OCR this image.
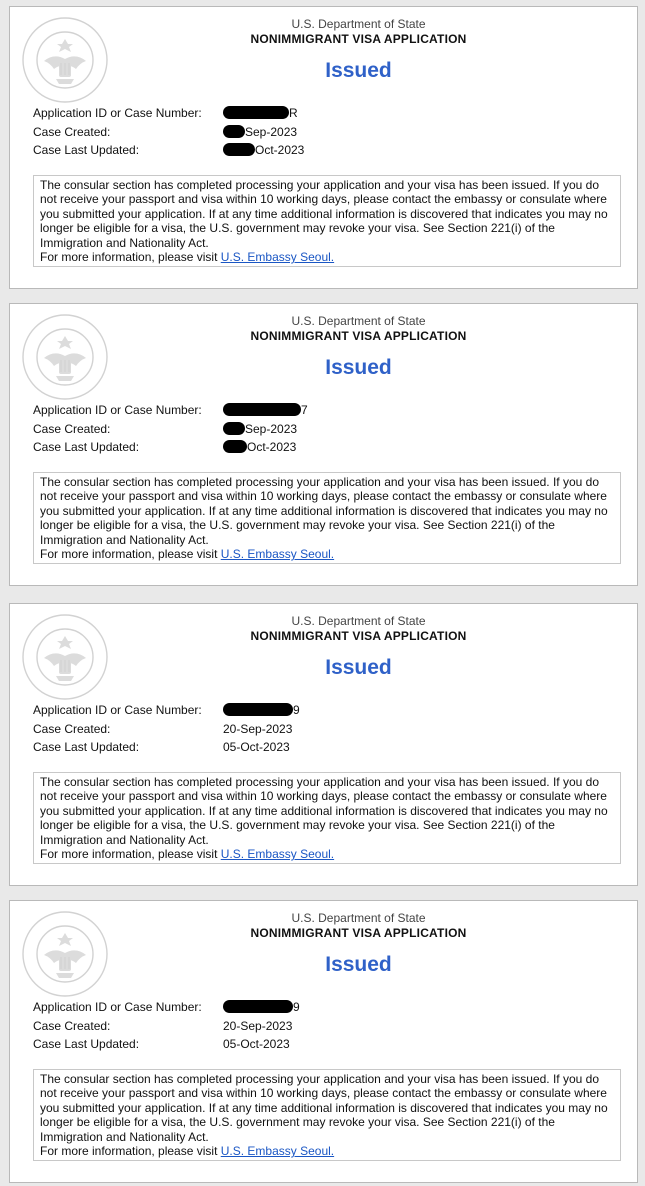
U.S. Department of State
NONIMMIGRANT VISA APPLICATION
Issued
Application ID or Case Number:	R
Case Created:	Sep-2023
Case Last Updated:	Oct-2023
The consular section has completed processing your application and your visa has been issued. If you do not receive your passport and visa within 10 working days, please contact the embassy or consulate where you submitted your application. If at any time additional information is discovered that indicates you may no longer be eligible for a visa, the U.S. government may revoke your visa. See Section 221(i) of the Immigration and Nationality Act.
For more information, please visit U.S. Embassy Seoul.
U.S. Department of State
NONIMMIGRANT VISA APPLICATION
Issued
Application ID or Case Number:	7
Case Created:	Sep-2023
Case Last Updated:	Oct-2023
The consular section has completed processing your application and your visa has been issued. If you do not receive your passport and visa within 10 working days, please contact the embassy or consulate where you submitted your application. If at any time additional information is discovered that indicates you may no longer be eligible for a visa, the U.S. government may revoke your visa. See Section 221(i) of the Immigration and Nationality Act.
For more information, please visit U.S. Embassy Seoul.
U.S. Department of State
NONIMMIGRANT VISA APPLICATION
Issued
Application ID or Case Number:	9
Case Created:	20-Sep-2023
Case Last Updated:	05-Oct-2023
The consular section has completed processing your application and your visa has been issued. If you do not receive your passport and visa within 10 working days, please contact the embassy or consulate where you submitted your application. If at any time additional information is discovered that indicates you may no longer be eligible for a visa, the U.S. government may revoke your visa. See Section 221(i) of the Immigration and Nationality Act.
For more information, please visit U.S. Embassy Seoul.
U.S. Department of State
NONIMMIGRANT VISA APPLICATION
Issued
Application ID or Case Number:	9
Case Created:	20-Sep-2023
Case Last Updated:	05-Oct-2023
The consular section has completed processing your application and your visa has been issued. If you do not receive your passport and visa within 10 working days, please contact the embassy or consulate where you submitted your application. If at any time additional information is discovered that indicates you may no longer be eligible for a visa, the U.S. government may revoke your visa. See Section 221(i) of the Immigration and Nationality Act.
For more information, please visit U.S. Embassy Seoul.
